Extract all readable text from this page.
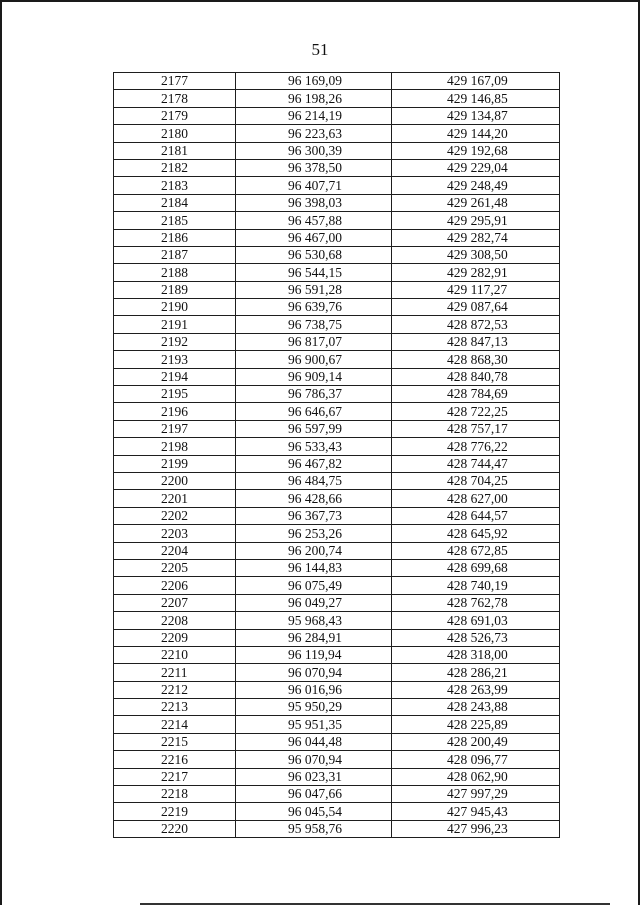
51
2177	96 169,09	429 167,09
2178	96 198,26	429 146,85
2179	96 214,19	429 134,87
2180	96 223,63	429 144,20
2181	96 300,39	429 192,68
2182	96 378,50	429 229,04
2183	96 407,71	429 248,49
2184	96 398,03	429 261,48
2185	96 457,88	429 295,91
2186	96 467,00	429 282,74
2187	96 530,68	429 308,50
2188	96 544,15	429 282,91
2189	96 591,28	429 117,27
2190	96 639,76	429 087,64
2191	96 738,75	428 872,53
2192	96 817,07	428 847,13
2193	96 900,67	428 868,30
2194	96 909,14	428 840,78
2195	96 786,37	428 784,69
2196	96 646,67	428 722,25
2197	96 597,99	428 757,17
2198	96 533,43	428 776,22
2199	96 467,82	428 744,47
2200	96 484,75	428 704,25
2201	96 428,66	428 627,00
2202	96 367,73	428 644,57
2203	96 253,26	428 645,92
2204	96 200,74	428 672,85
2205	96 144,83	428 699,68
2206	96 075,49	428 740,19
2207	96 049,27	428 762,78
2208	95 968,43	428 691,03
2209	96 284,91	428 526,73
2210	96 119,94	428 318,00
2211	96 070,94	428 286,21
2212	96 016,96	428 263,99
2213	95 950,29	428 243,88
2214	95 951,35	428 225,89
2215	96 044,48	428 200,49
2216	96 070,94	428 096,77
2217	96 023,31	428 062,90
2218	96 047,66	427 997,29
2219	96 045,54	427 945,43
2220	95 958,76	427 996,23
